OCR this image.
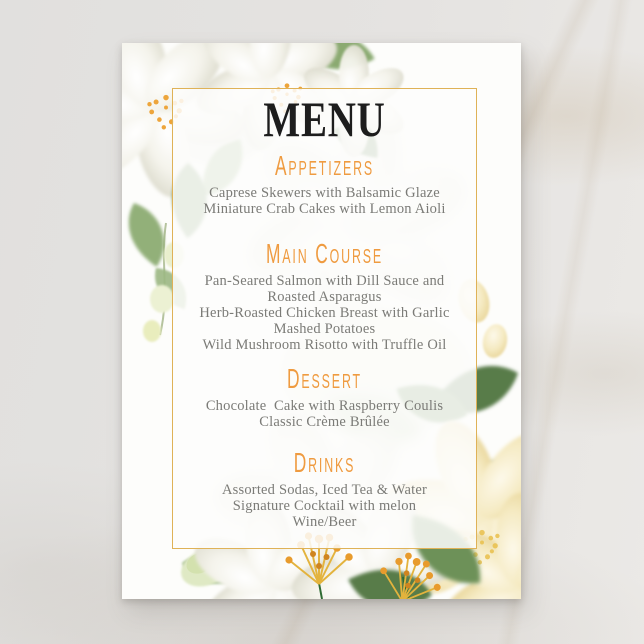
MENU
Appetizers

Caprese Skewers with Balsamic Glaze

Miniature Crab Cakes with Lemon Aioli

Main Course

Pan-Seared Salmon with Dill Sauce and Roasted Asparagus

Herb-Roasted Chicken Breast with Garlic Mashed Potatoes

Wild Mushroom Risotto with Truffle Oil

Dessert

Chocolate  Cake with Raspberry Coulis

Classic Crème Brûlée

Drinks

Assorted Sodas, Iced Tea & Water

Signature Cocktail with melon

Wine/Beer
